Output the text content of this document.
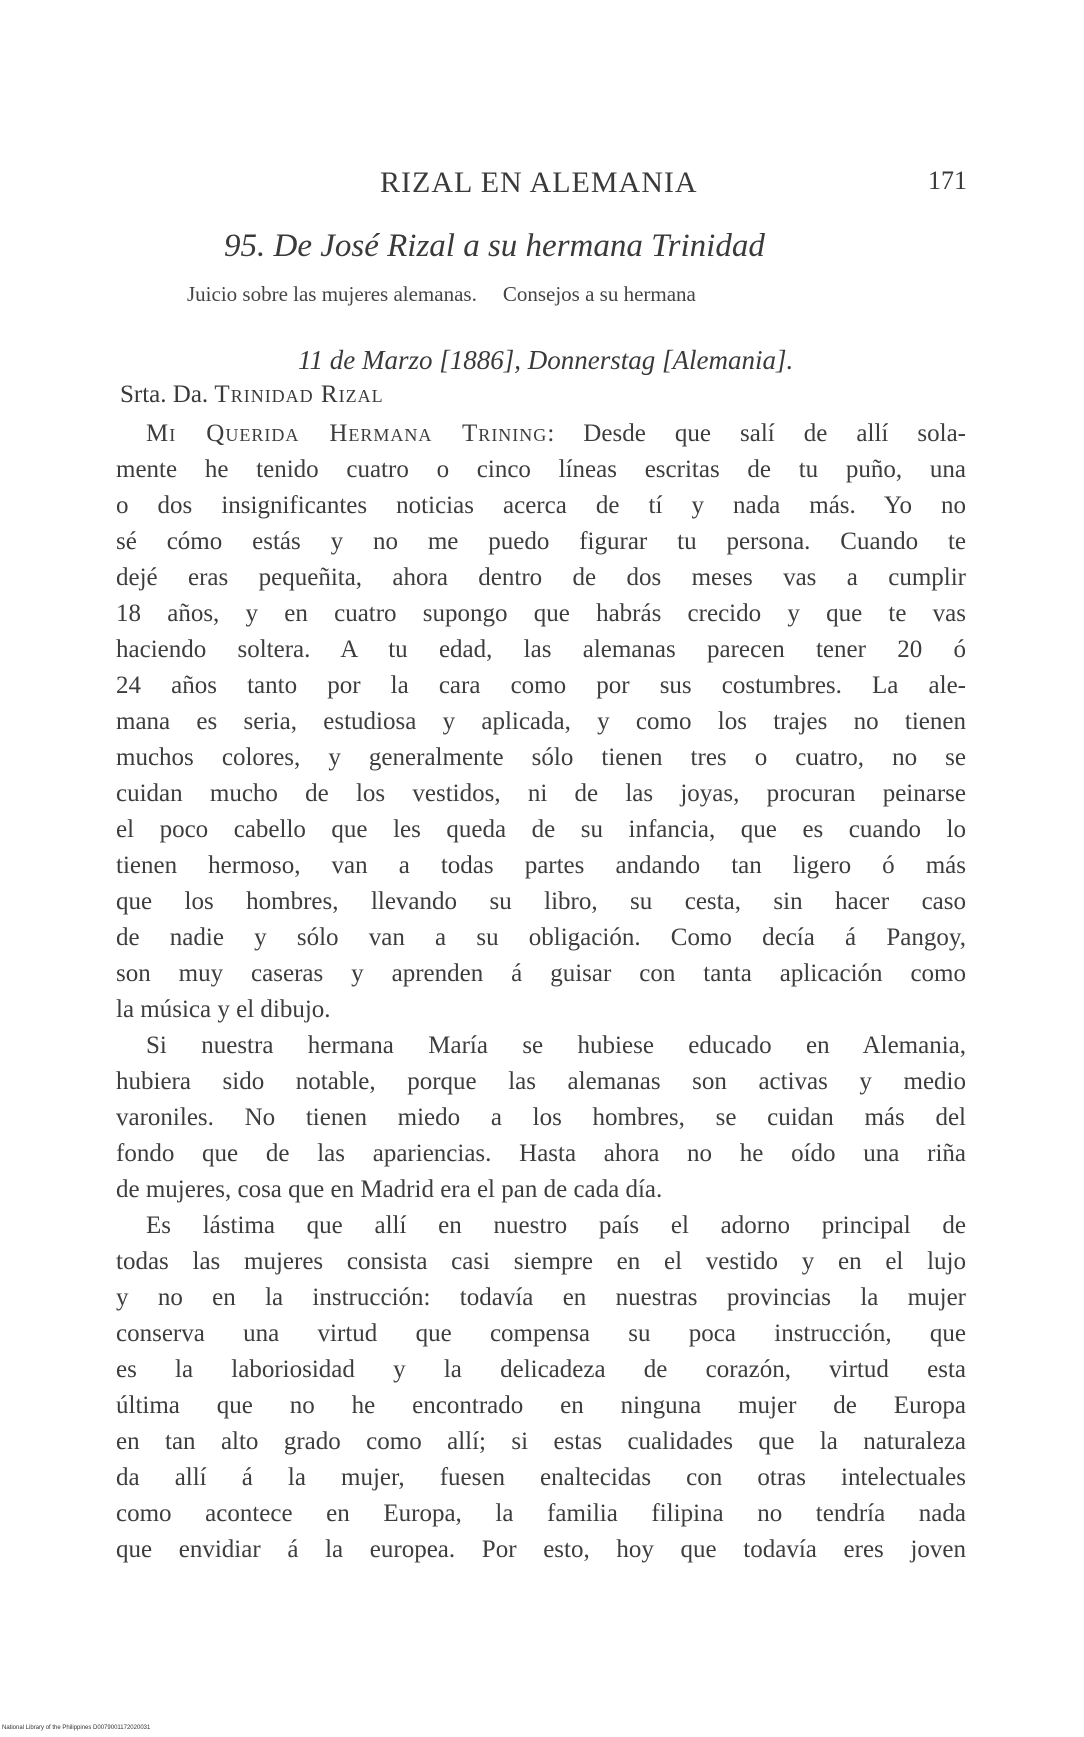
RIZAL EN ALEMANIA	171
95. De José Rizal a su hermana Trinidad
Juicio sobre las mujeres alemanas. Consejos a su hermana
11 de Marzo [1886], Donnerstag [Alemania].
Srta. Da. Trinidad Rizal
Mi Querida Hermana Trining: Desde que salí de allí sola-
mente he tenido cuatro o cinco líneas escritas de tu puño, una
o dos insignificantes noticias acerca de tí y nada más. Yo no
sé cómo estás y no me puedo figurar tu persona. Cuando te
dejé eras pequeñita, ahora dentro de dos meses vas a cumplir
18 años, y en cuatro supongo que habrás crecido y que te vas
haciendo soltera. A tu edad, las alemanas parecen tener 20 ó
24 años tanto por la cara como por sus costumbres. La ale-
mana es seria, estudiosa y aplicada, y como los trajes no tienen
muchos colores, y generalmente sólo tienen tres o cuatro, no se
cuidan mucho de los vestidos, ni de las joyas, procuran peinarse
el poco cabello que les queda de su infancia, que es cuando lo
tienen hermoso, van a todas partes andando tan ligero ó más
que los hombres, llevando su libro, su cesta, sin hacer caso
de nadie y sólo van a su obligación. Como decía á Pangoy,
son muy caseras y aprenden á guisar con tanta aplicación como
la música y el dibujo.
Si nuestra hermana María se hubiese educado en Alemania,
hubiera sido notable, porque las alemanas son activas y medio
varoniles. No tienen miedo a los hombres, se cuidan más del
fondo que de las apariencias. Hasta ahora no he oído una riña
de mujeres, cosa que en Madrid era el pan de cada día.
Es lástima que allí en nuestro país el adorno principal de
todas las mujeres consista casi siempre en el vestido y en el lujo
y no en la instrucción: todavía en nuestras provincias la mujer
conserva una virtud que compensa su poca instrucción, que
es la laboriosidad y la delicadeza de corazón, virtud esta
última que no he encontrado en ninguna mujer de Europa
en tan alto grado como allí; si estas cualidades que la naturaleza
da allí á la mujer, fuesen enaltecidas con otras intelectuales
como acontece en Europa, la familia filipina no tendría nada
que envidiar á la europea. Por esto, hoy que todavía eres joven
National Library of the Philippines D0079001172020031
